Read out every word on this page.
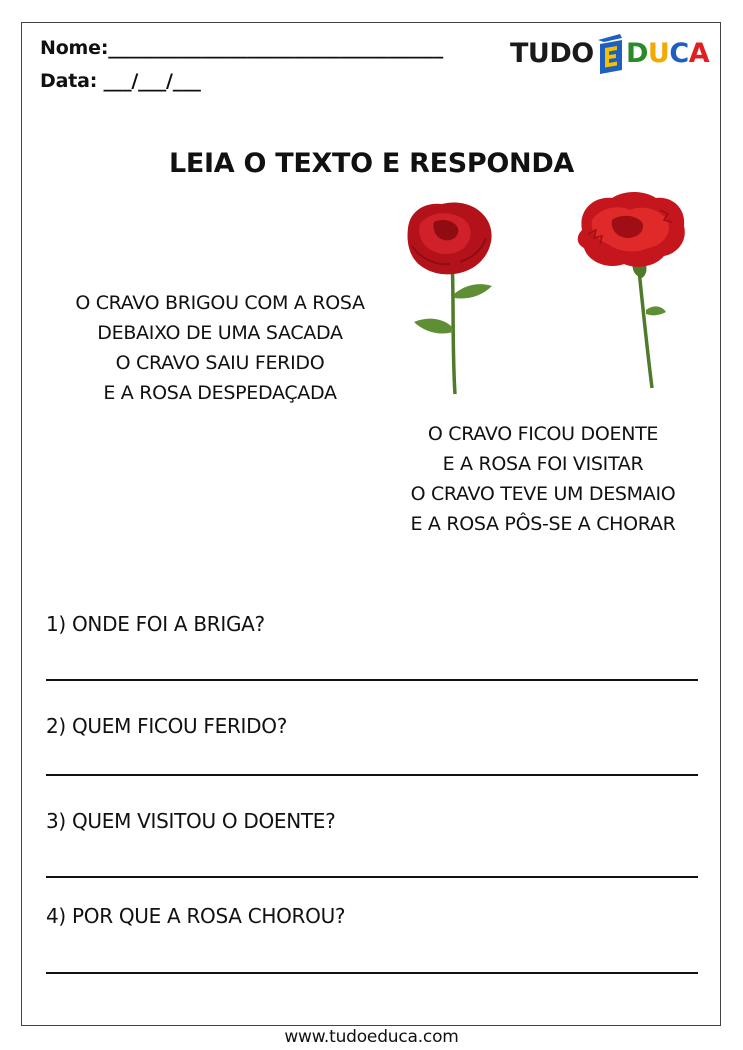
Nome:____________________________________
Data: ___/___/___
TUDO DUCA
LEIA O TEXTO E RESPONDA
O CRAVO BRIGOU COM A ROSA
DEBAIXO DE UMA SACADA
O CRAVO SAIU FERIDO
E A ROSA DESPEDAÇADA
O CRAVO FICOU DOENTE
E A ROSA FOI VISITAR
O CRAVO TEVE UM DESMAIO
E A ROSA PÔS-SE A CHORAR
1) ONDE FOI A BRIGA?
2) QUEM FICOU FERIDO?
3) QUEM VISITOU O DOENTE?
4) POR QUE A ROSA CHOROU?
www.tudoeduca.com
